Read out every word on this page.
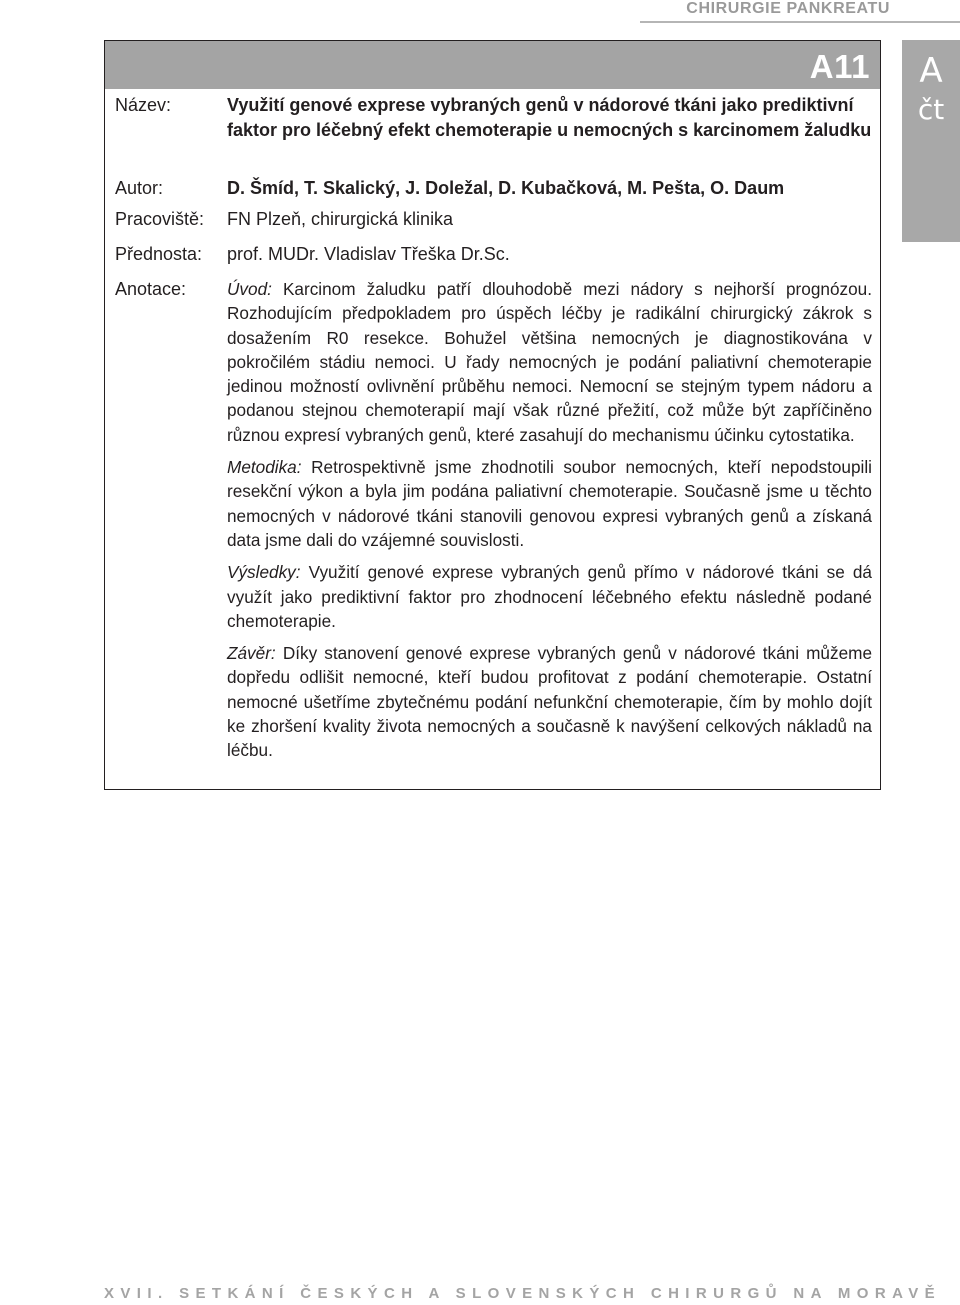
CHIRURGIE PANKREATU
A
čt
A11
Název:	Využití genové exprese vybraných genů v nádorové tkáni jako prediktivní faktor pro léčebný efekt chemoterapie u nemocných s karcinomem žaludku
Autor:	D. Šmíd, T. Skalický, J. Doležal, D. Kubačková, M. Pešta, O. Daum
Pracoviště: FN Plzeň, chirurgická klinika
Přednosta: prof. MUDr. Vladislav Třeška Dr.Sc.
Anotace: Úvod: Karcinom žaludku patří dlouhodobě mezi nádory s nejhorší prognózou. Rozhodujícím předpokladem pro úspěch léčby je radikální chirurgický zákrok s dosažením R0 resekce. Bohužel většina nemocných je diagnostikována v pokročilém stádiu nemoci. U řady nemocných je podání paliativní chemoterapie jedinou možností ovlivnění průběhu nemoci. Nemocní se stejným typem nádoru a podanou stejnou chemoterapií mají však různé přežití, což může být zapříčiněno různou expresí vybraných genů, které zasahují do mechanismu účinku cytostatika.

Metodika: Retrospektivně jsme zhodnotili soubor nemocných, kteří nepodstoupili resekční výkon a byla jim podána paliativní chemoterapie. Současně jsme u těchto nemocných v nádorové tkáni stanovili genovou expresi vybraných genů a získaná data jsme dali do vzájemné souvislosti.

Výsledky: Využití genové exprese vybraných genů přímo v nádorové tkáni se dá využít jako prediktivní faktor pro zhodnocení léčebného efektu následně podané chemoterapie.

Závěr: Díky stanovení genové exprese vybraných genů v nádorové tkáni můžeme dopředu odlišit nemocné, kteří budou profitovat z podání chemoterapie. Ostatní nemocné ušetříme zbytečnému podání nefunkční chemoterapie, čím by mohlo dojít ke zhoršení kvality života nemocných a současně k navýšení celkových nákladů na léčbu.

XVII. SETKÁNÍ ČESKÝCH A SLOVENSKÝCH CHIRURGŮ NA MORAVĚ
